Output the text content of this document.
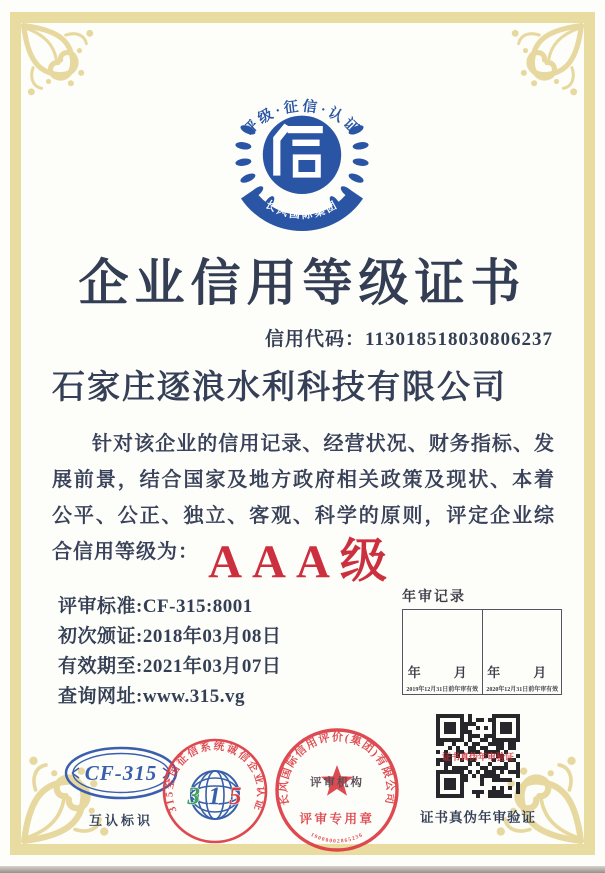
评级·征信·认证
长风国际集团
企业信用等级证书
信用代码：113018518030806237
石家庄逐浪水利科技有限公司
针对该企业的信用记录、经营状况、财务指标、发展前景，结合国家及地方政府相关政策及现状、本着公平、公正、独立、客观、科学的原则，评定企业综合信用等级为： AAA级
评审标准:CF-315:8001
初次颁证:2018年03月08日
有效期至:2021年03月07日
查询网址:www.315.vg
年审记录
年　月
2019年12月31日前年审有效
年　月
2020年12月31日前年审有效
CF-315
互认标识
315全国征信系统诚信企业认证
3 1 5	长风国际信用评价(集团)有限公司
评审机构
评审专用章
19000002865236
证书真伪年审验证
证书真伪年审验证
